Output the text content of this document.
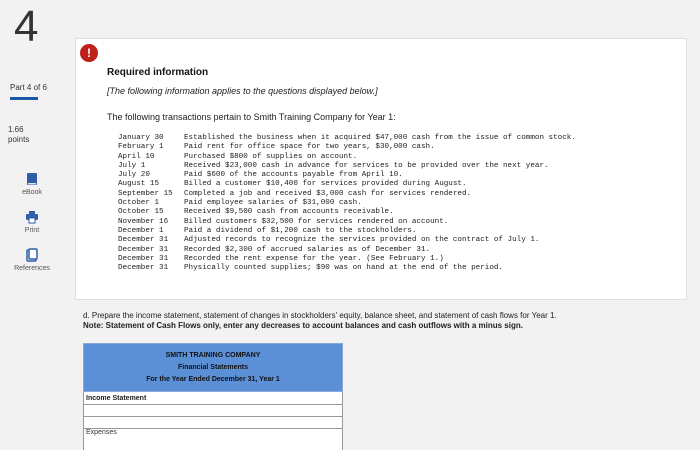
4
Part 4 of 6
1.66
points
eBook
Print
References
!
Required information
[The following information applies to the questions displayed below.]
The following transactions pertain to Smith Training Company for Year 1:
January 30	Established the business when it acquired $47,000 cash from the issue of common stock.
February 1	Paid rent for office space for two years, $30,000 cash.
April 10	Purchased $800 of supplies on account.
July 1	Received $23,000 cash in advance for services to be provided over the next year.
July 20	Paid $600 of the accounts payable from April 10.
August 15	Billed a customer $10,400 for services provided during August.
September 15	Completed a job and received $3,000 cash for services rendered.
October 1	Paid employee salaries of $31,000 cash.
October 15	Received $9,500 cash from accounts receivable.
November 16	Billed customers $32,500 for services rendered on account.
December 1	Paid a dividend of $1,200 cash to the stockholders.
December 31	Adjusted records to recognize the services provided on the contract of July 1.
December 31	Recorded $2,300 of accrued salaries as of December 31.
December 31	Recorded the rent expense for the year. (See February 1.)
December 31	Physically counted supplies; $90 was on hand at the end of the period.
d. Prepare the income statement, statement of changes in stockholders' equity, balance sheet, and statement of cash flows for Year 1.
Note: Statement of Cash Flows only, enter any decreases to account balances and cash outflows with a minus sign.
SMITH TRAINING COMPANY
Financial Statements
For the Year Ended December 31, Year 1

Income Statement

Expenses
